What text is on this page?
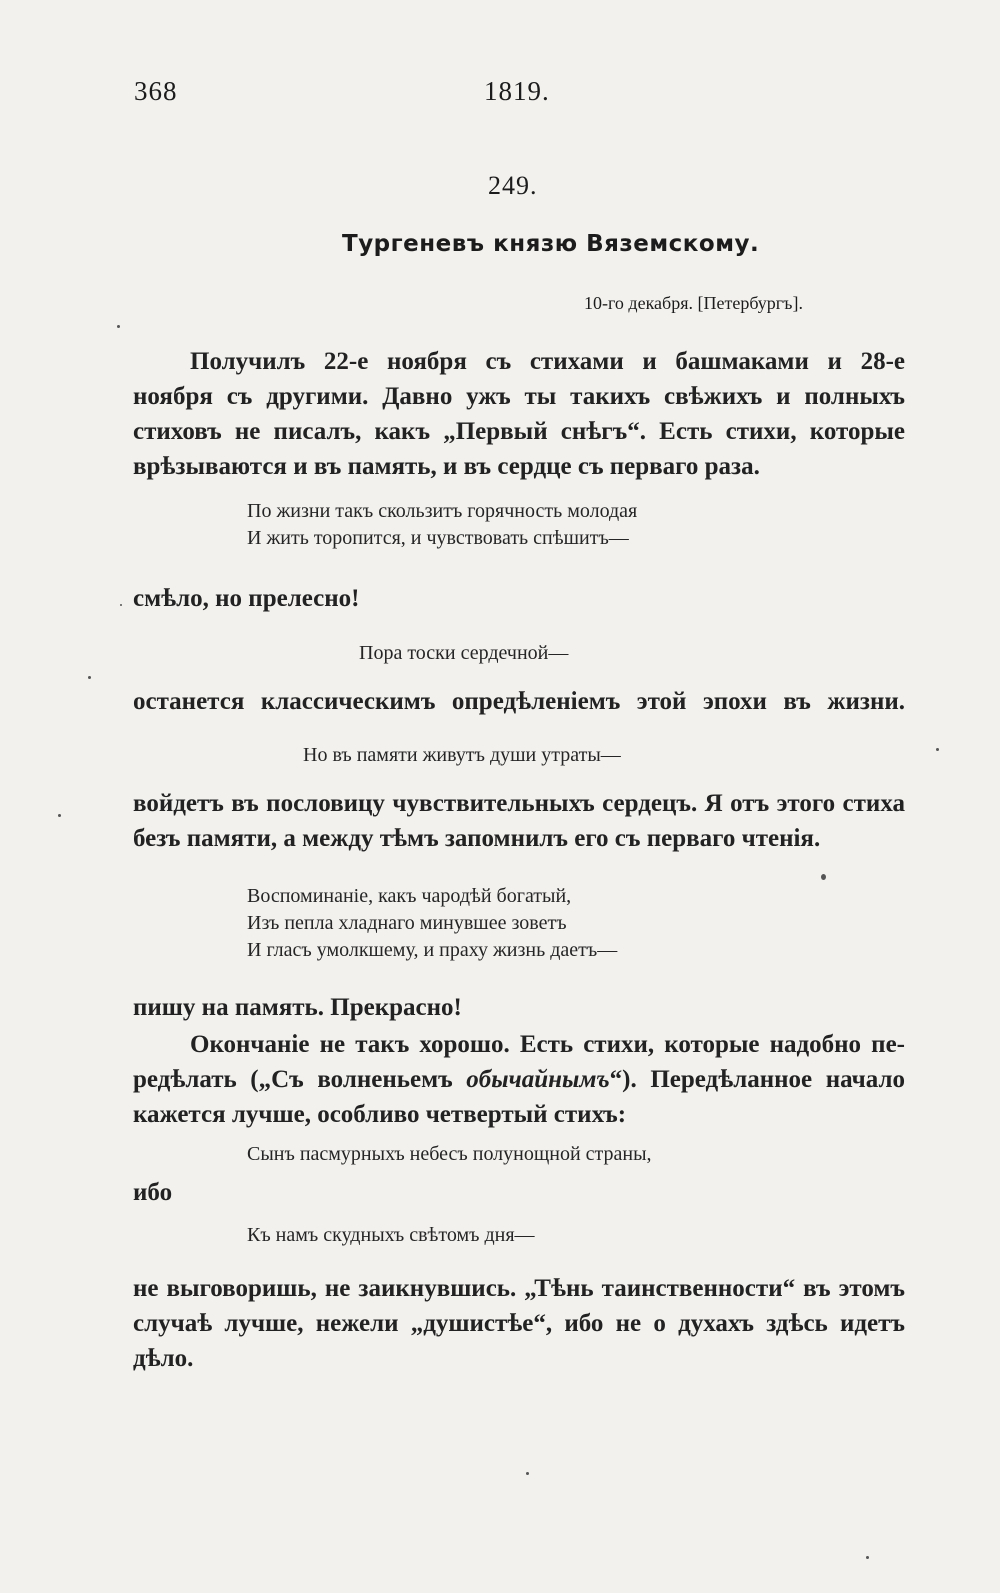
368	1819.
249.
Тургеневъ князю Вяземскому.
10-го декабря. [Петербургъ].
Получилъ 22-е ноября съ стихами и башмаками и 28-е
ноября съ другими. Давно ужъ ты такихъ свѣжихъ и полныхъ
стиховъ не писалъ, какъ „Первый снѣгъ“. Есть стихи, которые
врѣзываются и въ память, и въ сердце съ перваго раза.
По жизни такъ скользитъ горячность молодая
И жить торопится, и чувствовать спѣшитъ—
смѣло, но прелесно!
Пора тоски сердечной—
останется классическимъ опредѣленіемъ этой эпохи въ жизни.
Но въ памяти живутъ души утраты—
войдетъ въ пословицу чувствительныхъ сердецъ. Я отъ этого стиха
безъ памяти, а между тѣмъ запомнилъ его съ перваго чтенія.
Воспоминаніе, какъ чародѣй богатый,
Изъ пепла хладнаго минувшее зоветъ
И гласъ умолкшему, и праху жизнь даетъ—
пишу на память. Прекрасно!
Окончаніе не такъ хорошо. Есть стихи, которые надобно пе-
редѣлать („Съ волненьемъ обычайнымъ“). Передѣланное начало
кажется лучше, особливо четвертый стихъ:
Сынъ пасмурныхъ небесъ полунощной страны,
ибо
Къ намъ скудныхъ свѣтомъ дня—
не выговоришь, не заикнувшись. „Тѣнь таинственности“ въ этомъ
случаѣ лучше, нежели „душистѣе“, ибо не о духахъ здѣсь идетъ
дѣло.
